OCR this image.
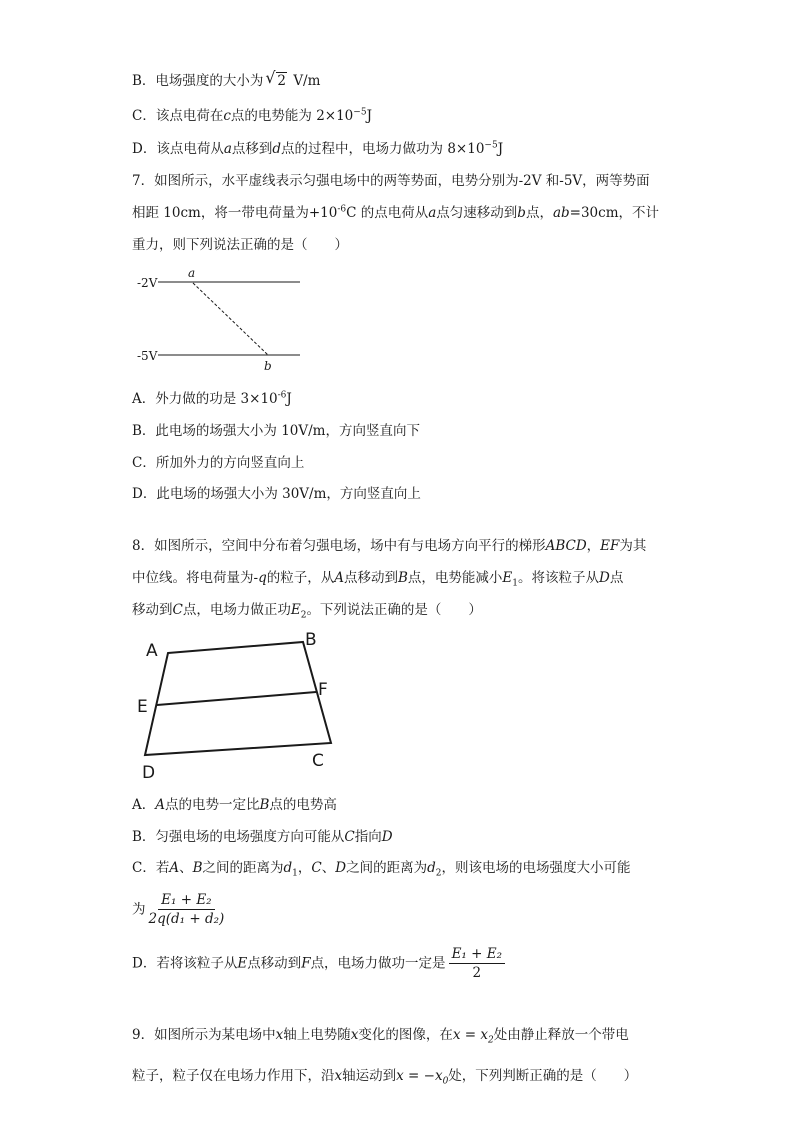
B．电场强度的大小为 √ 2 V/m
C．该点电荷在c点的电势能为 $2\times 10^{-5}J$
D．该点电荷从a点移到d点的过程中，电场力做功为 $8\times 10^{-5}J$
7．如图所示，水平虚线表示匀强电场中的两等势面，电势分别为-2V 和-5V，两等势面
相距 10cm，将一带电荷量为$+10^{-6}C$ 的点电荷从a点匀速移动到b点，ab=30cm，不计
重力，则下列说法正确的是（　　）
-2V
a
-5V
b
A．外力做的功是 $3\times 10^{-6}J$
B．此电场的场强大小为 10V/m，方向竖直向下
C．所加外力的方向竖直向上
D．此电场的场强大小为 30V/m，方向竖直向上
8．如图所示，空间中分布着匀强电场，场中有与电场方向平行的梯形ABCD，EF为其
中位线。将电荷量为-q的粒子，从A点移动到B点，电势能减小$E_1$。将该粒子从D点
移动到C点，电场力做正功$E_2$。下列说法正确的是（　　）
A
B
E
F
D
C
A．A点的电势一定比B点的电势高
B．匀强电场的电场强度方向可能从C指向D
C．若A、B之间的距离为$d_1$，C、D之间的距离为$d_2$，则该电场的电场强度大小可能
为 $\frac{\text{E₁ + E₂}}{\text{2q(d₁ + d₂)}}$
D．若将该粒子从E点移动到F点，电场力做功一定是 $\frac{\text{E₁ + E₂}}{2}$
9．如图所示为某电场中x轴上电势随x变化的图像，在$x = x_2$处由静止释放一个带电
粒子，粒子仅在电场力作用下，沿x轴运动到$x = -x_0$处，下列判断正确的是（　　）
